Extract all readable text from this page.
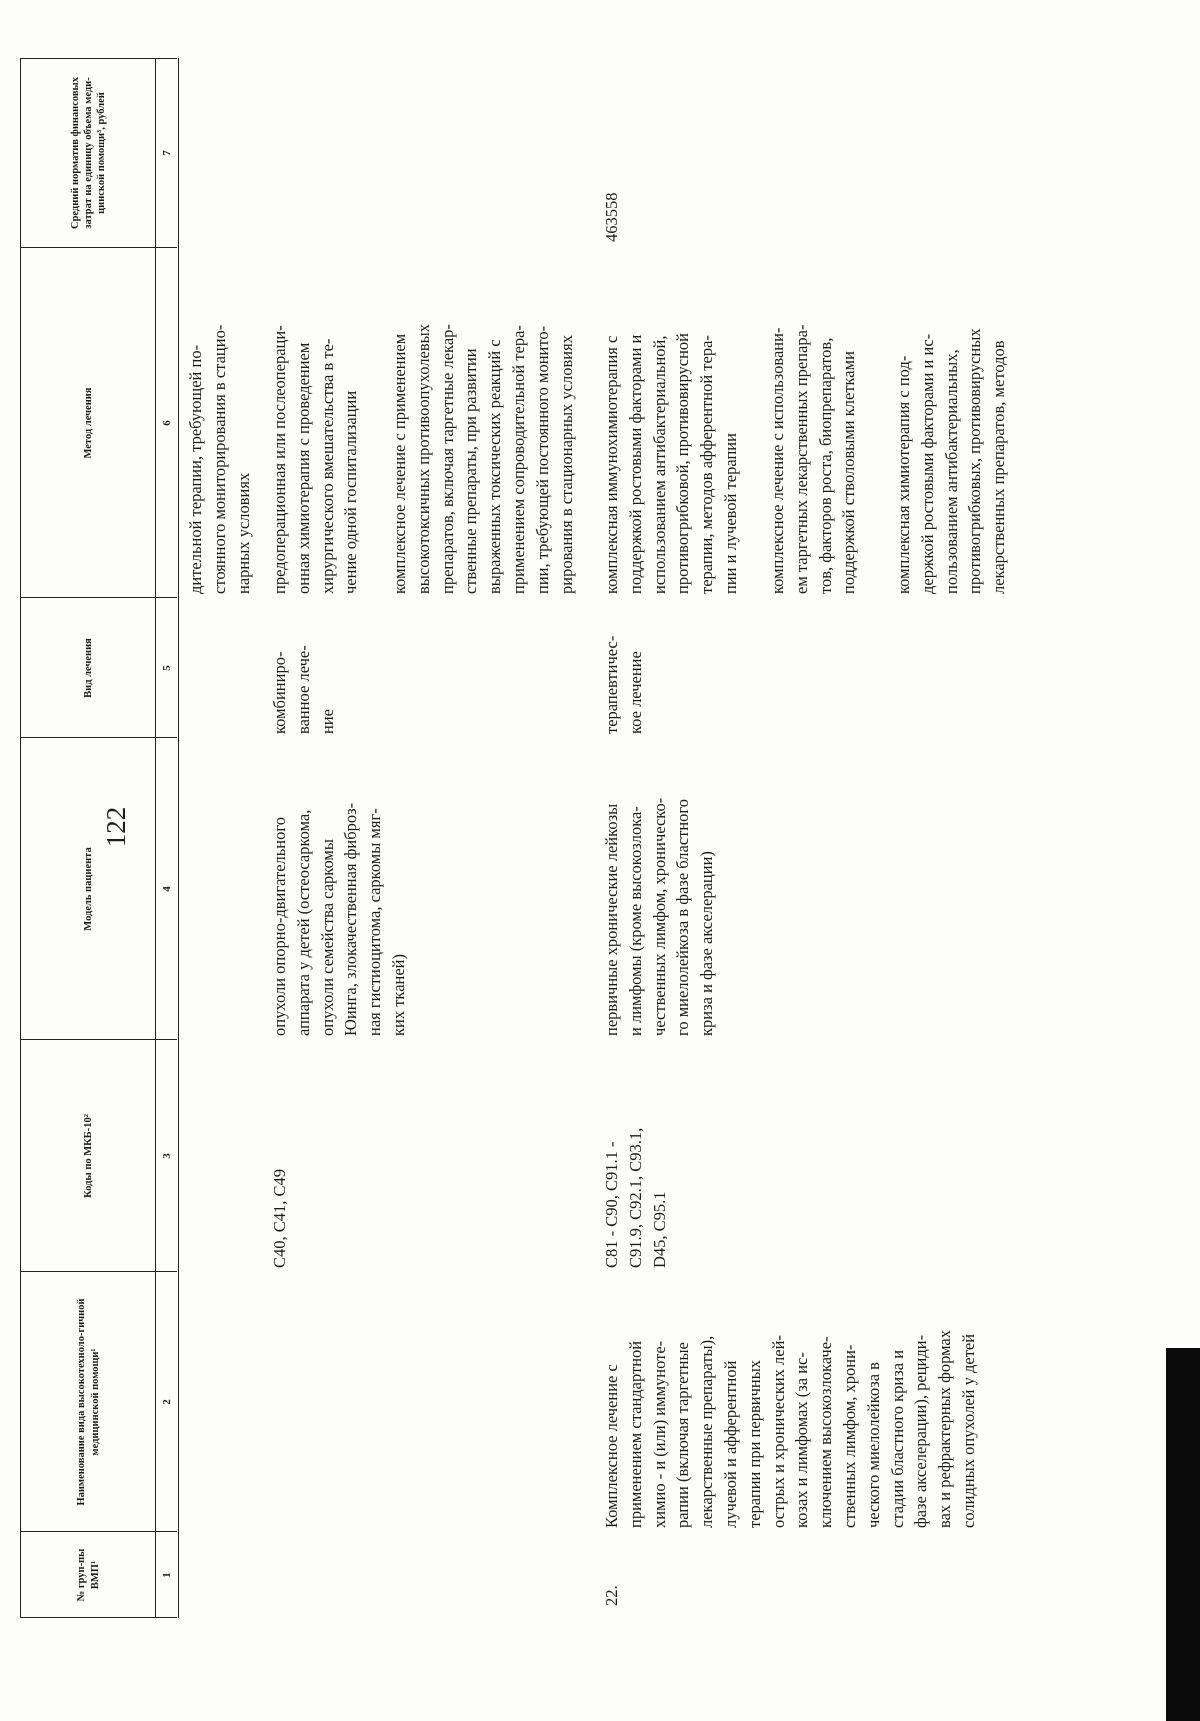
122
№ груп-пы ВМП¹
Наименование вида высокотехноло-гичной медицинской помощи¹
Коды по МКБ-10²
Модель пациента
Вид лечения
Метод лечения
Средний норматив финансовых затрат на единицу объема меди-цинской помощи³, рублей
1
2
3
4
5
6
7
дительной терапии, требующей по- стоянного мониторирования в стацио- нарных условиях
C40, C41, C49
опухоли опорно-двигательного аппарата у детей (остеосаркома, опухоли семейства саркомы Юинга, злокачественная фиброз- ная гистиоцитома, саркомы мяг- ких тканей)
комбиниро- ванное лече- ние
предоперационная или послеопераци- онная химиотерапия с проведением хирургического вмешательства в те- чение одной госпитализации комплексное лечение с применением высокотоксичных противоопухолевых препаратов, включая таргетные лекар- ственные препараты, при развитии выраженных токсических реакций с применением сопроводительной тера- пии, требующей постоянного монито- рирования в стационарных условиях
22.
Комплексное лечение с применением стандартной химио - и (или) иммуноте- рапии (включая таргетные лекарственные препараты), лучевой и афферентной терапии при первичных острых и хронических лей- козах и лимфомах (за ис- ключением высокозлокаче- ственных лимфом, хрони- ческого миелолейкоза в стадии бластного криза и фазе акселерации), рециди- вах и рефрактерных формах солидных опухолей у детей
C81 - C90, C91.1 - C91.9, C92.1, C93.1, D45, C95.1
первичные хронические лейкозы и лимфомы (кроме высокозлока- чественных лимфом, хроническо- го миелолейкоза в фазе бластного криза и фазе акселерации)
терапевтичес- кое лечение
комплексная иммунохимиотерапия с поддержкой ростовыми факторами и использованием антибактериальной, противогрибковой, противовирусной терапии, методов афферентной тера- пии и лучевой терапии комплексное лечение с использовани- ем таргетных лекарственных препара- тов, факторов роста, биопрепаратов, поддержкой стволовыми клетками комплексная химиотерапия с под- держкой ростовыми факторами и ис- пользованием антибактериальных, противогрибковых, противовирусных лекарственных препаратов, методов
463558
